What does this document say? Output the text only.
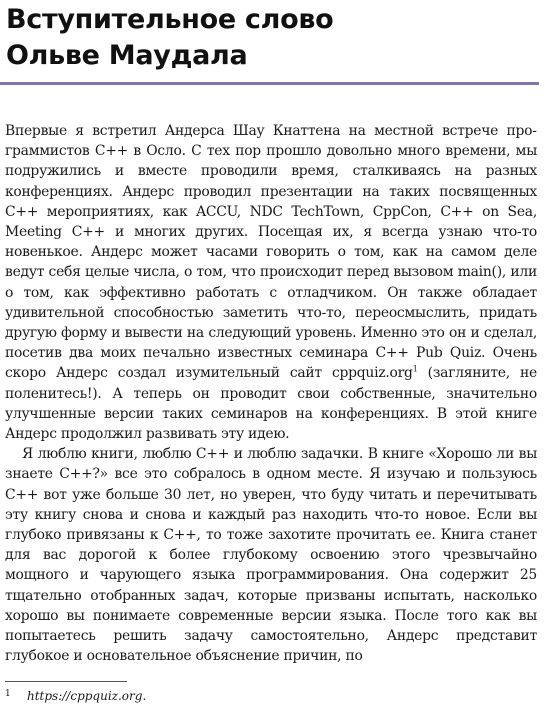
Вступительное слово
Ольве Маудала

Впервые я встретил Андерса Шау Кнаттена на местной встрече программистов C++ в Осло. С тех пор прошло довольно много времени, мы подружились и вместе проводили время, сталкиваясь на разных конференциях. Андерс проводил презентации на таких посвященных C++ мероприятиях, как ACCU, NDC TechTown, CppCon, C++ on Sea, Meeting C++ и многих других. Посещая их, я всегда узнаю что-то новенькое. Андерс может часами говорить о том, как на самом деле ведут себя целые числа, о том, что происходит перед вызовом main(), или о том, как эффективно работать с отладчиком. Он также обладает удивительной способностью заметить что-то, переосмыслить, придать другую форму и вывести на следующий уровень. Именно это он и сделал, посетив два моих печально известных семинара C++ Pub Quiz. Очень скоро Андерс создал изумительный сайт cppquiz.org$^1$ (загляните, не поленитесь!). А теперь он проводит свои собственные, значительно улучшенные версии таких семинаров на конференциях. В этой книге Андерс продолжил развивать эту идею.

Я люблю книги, люблю C++ и люблю задачки. В книге «Хорошо ли вы знаете C++?» все это собралось в одном месте. Я изучаю и пользуюсь C++ вот уже больше 30 лет, но уверен, что буду читать и перечитывать эту книгу снова и снова и каждый раз находить что-то новое. Если вы глубоко привязаны к C++, то тоже захотите прочитать ее. Книга станет для вас дорогой к более глубокому освоению этого чрезвычайно мощного и чарующего языка программирования. Она содержит 25 тщательно отобранных задач, которые призваны испытать, насколько хорошо вы понимаете современные версии языка. После того как вы попытаетесь решить задачу самостоятельно, Андерс представит глубокое и основательное объяснение причин, по

1 https://cppquiz.org.
